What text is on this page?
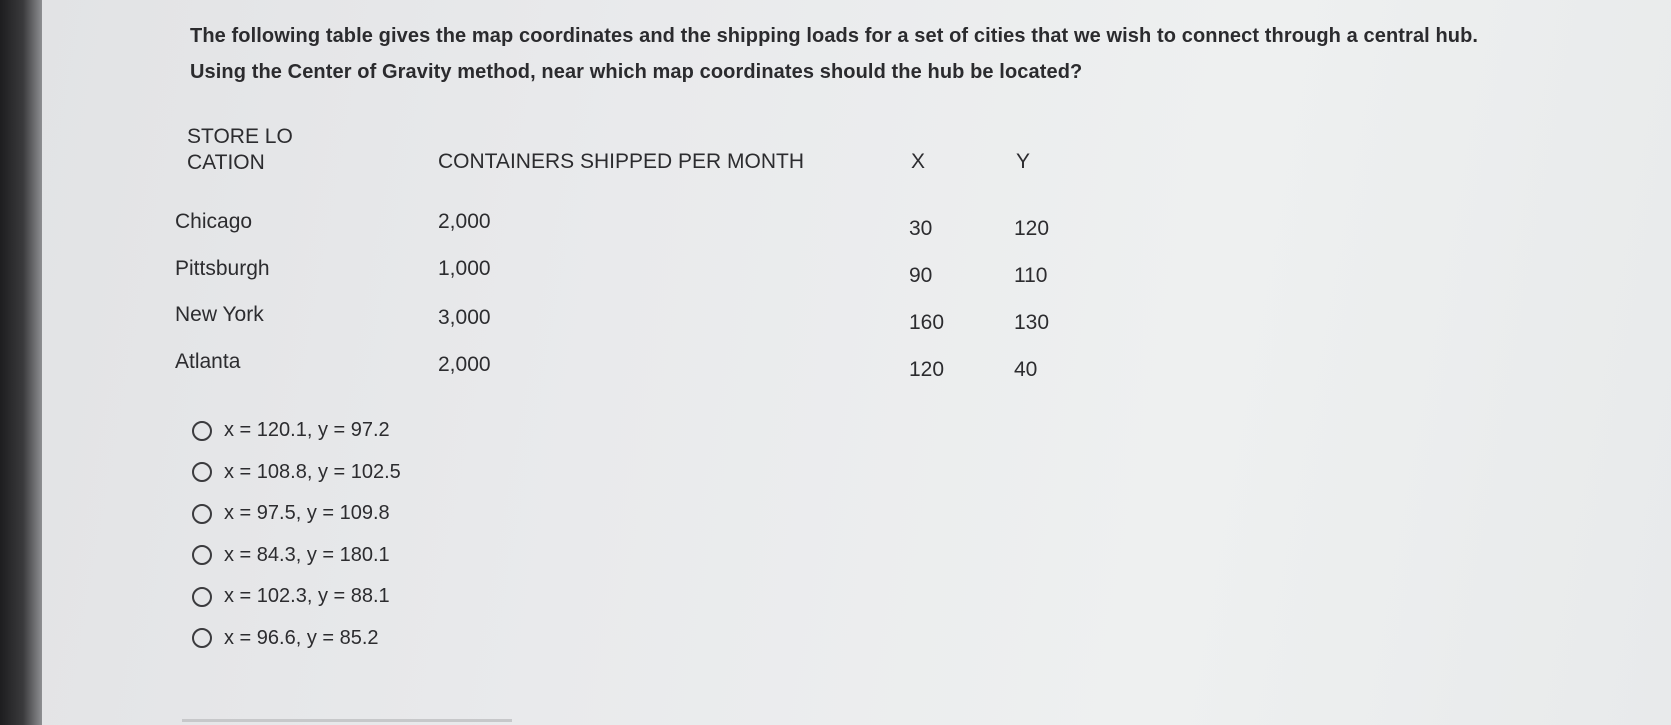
The following table gives the map coordinates and the shipping loads for a set of cities that we wish to connect through a central hub.

Using the Center of Gravity method, near which map coordinates should the hub be located?

STORE LOCATION	CONTAINERS SHIPPED PER MONTH	X	Y
Chicago	2,000	30	120
Pittsburgh	1,000	90	110
New York	3,000	160	130
Atlanta	2,000	120	40
x = 120.1, y = 97.2
x = 108.8, y = 102.5
x = 97.5, y = 109.8
x = 84.3, y = 180.1
x = 102.3, y = 88.1
x = 96.6, y = 85.2
